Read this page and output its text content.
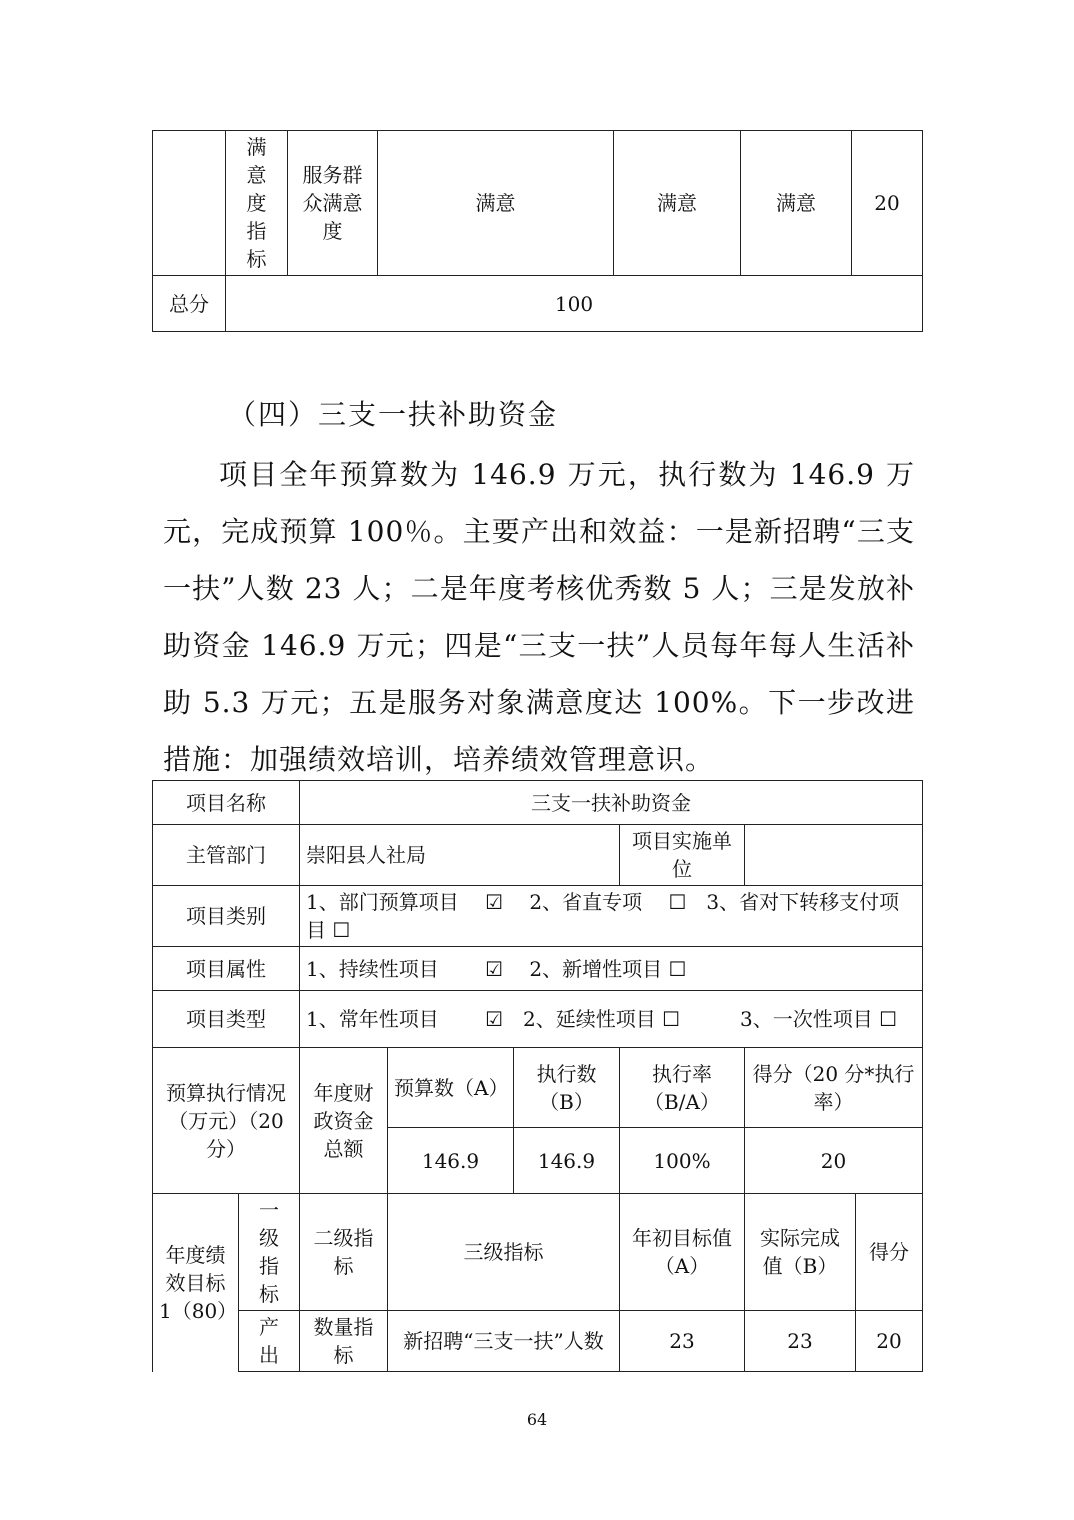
	满意度指标	服务群众满意度	满意	满意	满意	20
总分	100					
（四）三支一扶补助资金

项目全年预算数为 146.9 万元，执行数为 146.9 万元，完成预算 100％。主要产出和效益：一是新招聘“三支一扶”人数 23 人；二是年度考核优秀数 5 人；三是发放补助资金 146.9 万元；四是“三支一扶”人员每年每人生活补助 5.3 万元；五是服务对象满意度达 100%。下一步改进措施：加强绩效培训，培养绩效管理意识。

项目名称		三支一扶补助资金					
主管部门		崇阳县人社局			项目实施单位		
项目类别		1、部门预算项目　 ☑　 2、省直专项　 ☐　3、省对下转移支付项目 ☐					
项目属性		1、持续性项目　　 ☑　 2、新增性项目 ☐					
项目类型		1、常年性项目　　 ☑　2、延续性项目 ☐　　　3、一次性项目 ☐					
预算执行情况（万元）（20 分）		年度财政资金总额	预算数（A）	执行数（B）	执行率（B/A）	得分（20 分*执行率）	
			146.9	146.9	100%	20	
年度绩效目标 1（80）	一级指标	二级指标	三级指标		年初目标值（A）	实际完成值（B）	得分

	产出	数量指标	新招聘“三支一扶”人数		23	23	20
64
